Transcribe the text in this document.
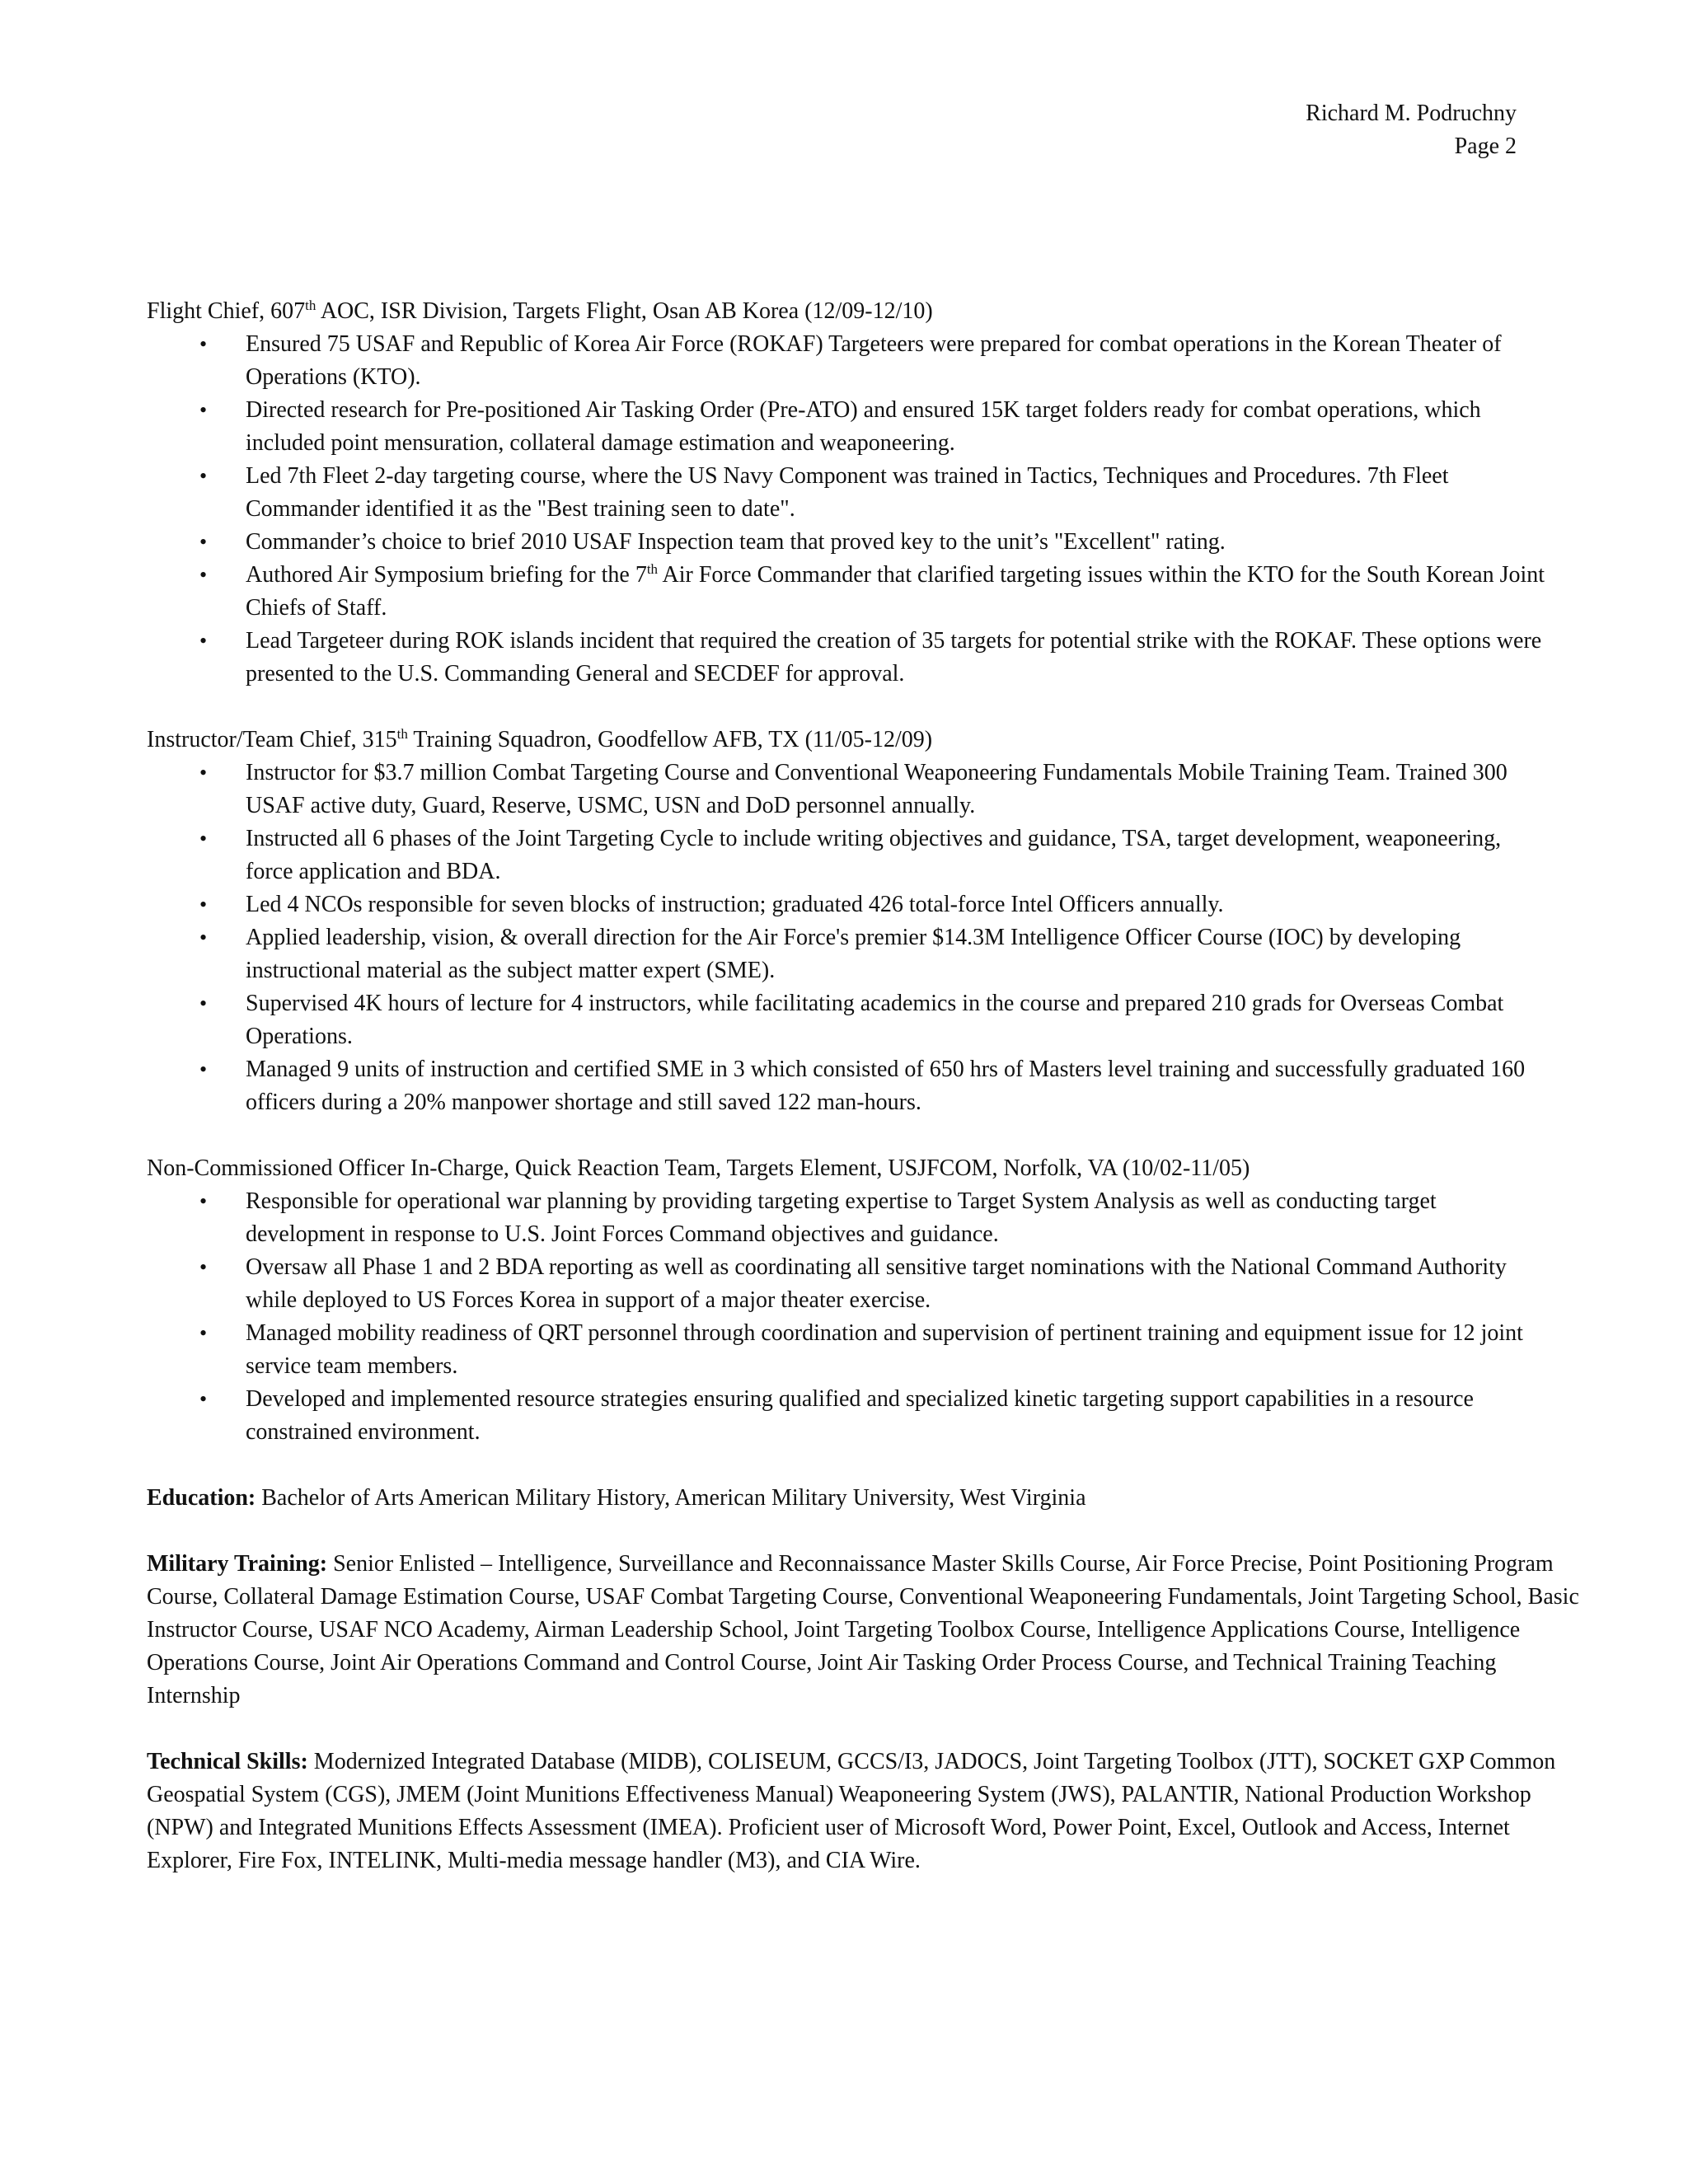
Richard M. Podruchny
Page 2
Flight Chief, 607th AOC, ISR Division, Targets Flight, Osan AB Korea (12/09-12/10)
• Ensured 75 USAF and Republic of Korea Air Force (ROKAF) Targeteers were prepared for combat operations in the Korean Theater of Operations (KTO).
• Directed research for Pre-positioned Air Tasking Order (Pre-ATO) and ensured 15K target folders ready for combat operations, which included point mensuration, collateral damage estimation and weaponeering.
• Led 7th Fleet 2-day targeting course, where the US Navy Component was trained in Tactics, Techniques and Procedures. 7th Fleet Commander identified it as the "Best training seen to date".
• Commander’s choice to brief 2010 USAF Inspection team that proved key to the unit’s "Excellent" rating.
• Authored Air Symposium briefing for the 7th Air Force Commander that clarified targeting issues within the KTO for the South Korean Joint Chiefs of Staff.
• Lead Targeteer during ROK islands incident that required the creation of 35 targets for potential strike with the ROKAF. These options were presented to the U.S. Commanding General and SECDEF for approval.
Instructor/Team Chief, 315th Training Squadron, Goodfellow AFB, TX (11/05-12/09)
• Instructor for $3.7 million Combat Targeting Course and Conventional Weaponeering Fundamentals Mobile Training Team. Trained 300 USAF active duty, Guard, Reserve, USMC, USN and DoD personnel annually.
• Instructed all 6 phases of the Joint Targeting Cycle to include writing objectives and guidance, TSA, target development, weaponeering, force application and BDA.
• Led 4 NCOs responsible for seven blocks of instruction; graduated 426 total-force Intel Officers annually.
• Applied leadership, vision, & overall direction for the Air Force's premier $14.3M Intelligence Officer Course (IOC) by developing instructional material as the subject matter expert (SME).
• Supervised 4K hours of lecture for 4 instructors, while facilitating academics in the course and prepared 210 grads for Overseas Combat Operations.
• Managed 9 units of instruction and certified SME in 3 which consisted of 650 hrs of Masters level training and successfully graduated 160 officers during a 20% manpower shortage and still saved 122 man-hours.
Non-Commissioned Officer In-Charge, Quick Reaction Team, Targets Element, USJFCOM, Norfolk, VA (10/02-11/05)
• Responsible for operational war planning by providing targeting expertise to Target System Analysis as well as conducting target development in response to U.S. Joint Forces Command objectives and guidance.
• Oversaw all Phase 1 and 2 BDA reporting as well as coordinating all sensitive target nominations with the National Command Authority while deployed to US Forces Korea in support of a major theater exercise.
• Managed mobility readiness of QRT personnel through coordination and supervision of pertinent training and equipment issue for 12 joint service team members.
• Developed and implemented resource strategies ensuring qualified and specialized kinetic targeting support capabilities in a resource constrained environment.
Education: Bachelor of Arts American Military History, American Military University, West Virginia
Military Training: Senior Enlisted – Intelligence, Surveillance and Reconnaissance Master Skills Course, Air Force Precise, Point Positioning Program Course, Collateral Damage Estimation Course, USAF Combat Targeting Course, Conventional Weaponeering Fundamentals, Joint Targeting School, Basic Instructor Course, USAF NCO Academy, Airman Leadership School, Joint Targeting Toolbox Course, Intelligence Applications Course, Intelligence Operations Course, Joint Air Operations Command and Control Course, Joint Air Tasking Order Process Course, and Technical Training Teaching Internship
Technical Skills: Modernized Integrated Database (MIDB), COLISEUM, GCCS/I3, JADOCS, Joint Targeting Toolbox (JTT), SOCKET GXP Common Geospatial System (CGS), JMEM (Joint Munitions Effectiveness Manual) Weaponeering System (JWS), PALANTIR, National Production Workshop (NPW) and Integrated Munitions Effects Assessment (IMEA). Proficient user of Microsoft Word, Power Point, Excel, Outlook and Access, Internet Explorer, Fire Fox, INTELINK, Multi-media message handler (M3), and CIA Wire.
